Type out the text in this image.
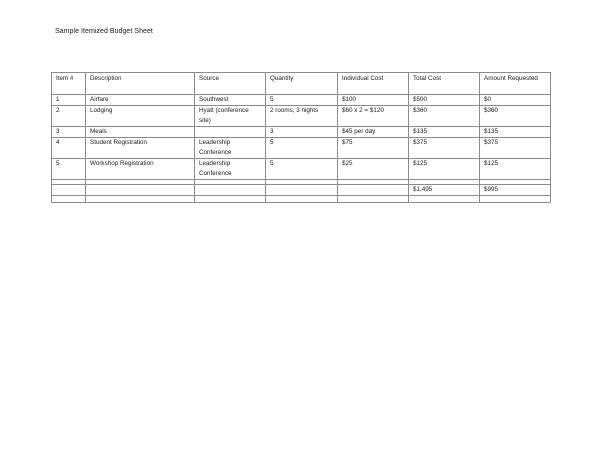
Sample Itemized Budget Sheet
Item #	Description	Source	Quantity	Individual Cost	Total Cost	Amount Requested
1	Airfare	Southwest	5	$100	$500	$0
2	Lodging	Hyatt (conference site)	2 rooms, 3 nights	$60 x 2 = $120	$360	$360
3	Meals		3	$45 per day	$135	$135
4	Student Registration	Leadership Conference	5	$75	$375	$375
5	Workshop Registration	Leadership Conference	5	$25	$125	$125

					$1,495	$995
